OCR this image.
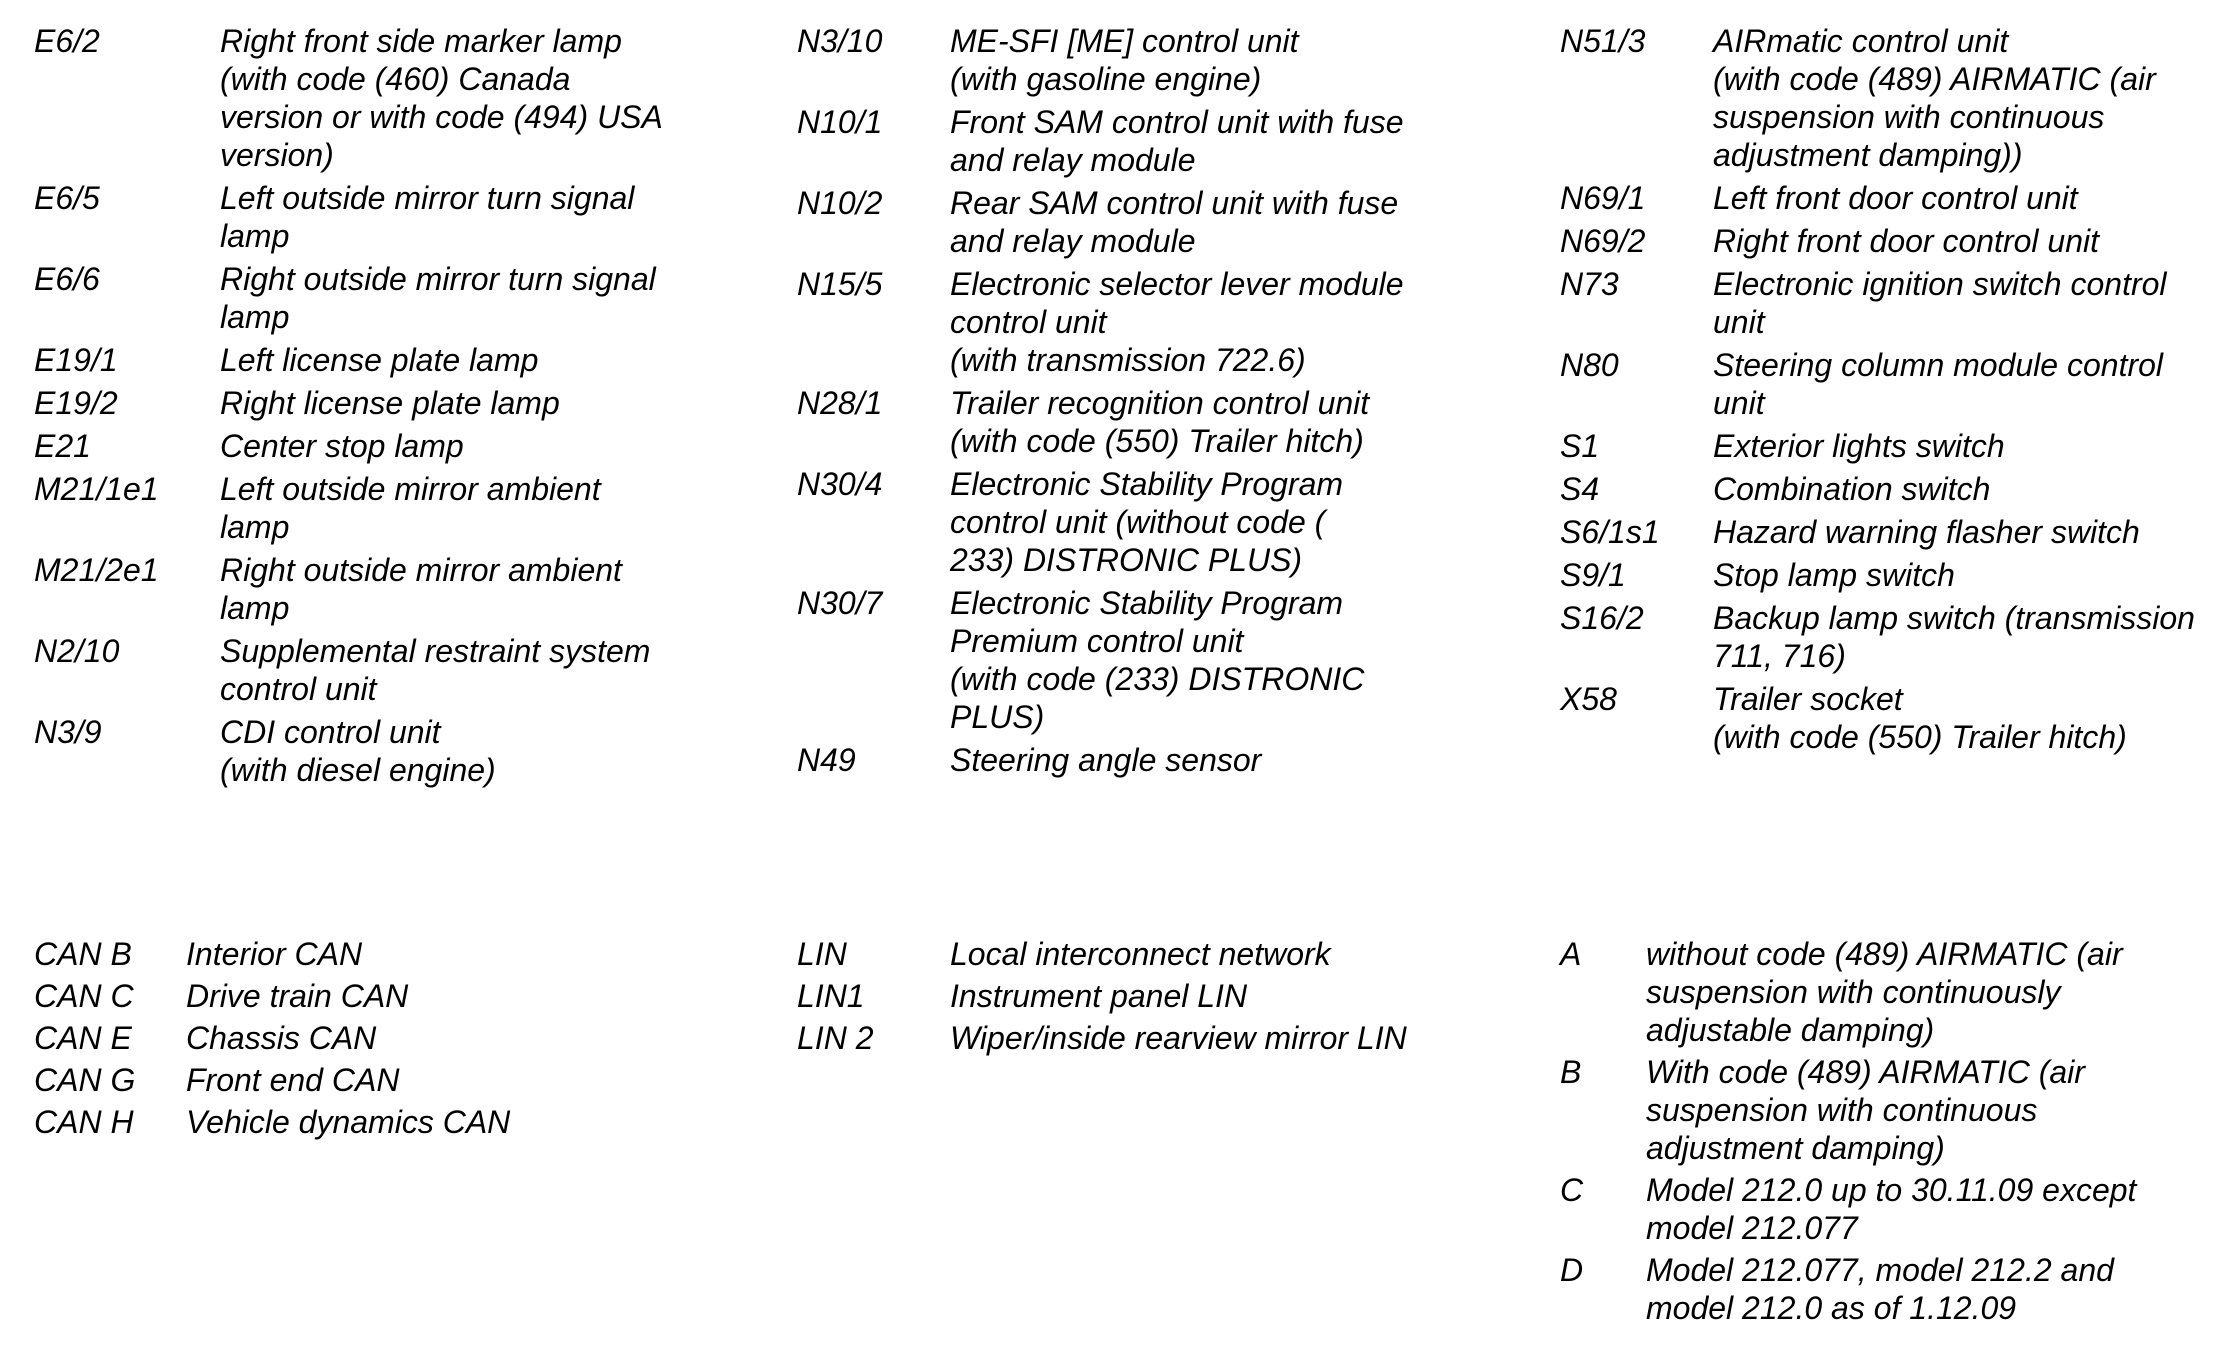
E6/2	Right front side marker lamp
(with code (460) Canada
version or with code (494) USA
version)
E6/5	Left outside mirror turn signal
lamp
E6/6	Right outside mirror turn signal
lamp
E19/1	Left license plate lamp
E19/2	Right license plate lamp
E21	Center stop lamp
M21/1e1	Left outside mirror ambient
lamp
M21/2e1	Right outside mirror ambient
lamp
N2/10	Supplemental restraint system
control unit
N3/9	CDI control unit
(with diesel engine)
N3/10	ME-SFI [ME] control unit
(with gasoline engine)
N10/1	Front SAM control unit with fuse
and relay module
N10/2	Rear SAM control unit with fuse
and relay module
N15/5	Electronic selector lever module
control unit
(with transmission 722.6)
N28/1	Trailer recognition control unit
(with code (550) Trailer hitch)
N30/4	Electronic Stability Program
control unit (without code (
233) DISTRONIC PLUS)
N30/7	Electronic Stability Program
Premium control unit
(with code (233) DISTRONIC
PLUS)
N49	Steering angle sensor
N51/3	AIRmatic control unit
(with code (489) AIRMATIC (air
suspension with continuous
adjustment damping))
N69/1	Left front door control unit
N69/2	Right front door control unit
N73	Electronic ignition switch control
unit
N80	Steering column module control
unit
S1	Exterior lights switch
S4	Combination switch
S6/1s1	Hazard warning flasher switch
S9/1	Stop lamp switch
S16/2	Backup lamp switch (transmission
711, 716)
X58	Trailer socket
(with code (550) Trailer hitch)
CAN B	Interior CAN
CAN C	Drive train CAN
CAN E	Chassis CAN
CAN G	Front end CAN
CAN H	Vehicle dynamics CAN
LIN	Local interconnect network
LIN1	Instrument panel LIN
LIN 2	Wiper/inside rearview mirror LIN
A	without code (489) AIRMATIC (air
suspension with continuously
adjustable damping)
B	With code (489) AIRMATIC (air
suspension with continuous
adjustment damping)
C	Model 212.0 up to 30.11.09 except
model 212.077
D	Model 212.077, model 212.2 and
model 212.0 as of 1.12.09
